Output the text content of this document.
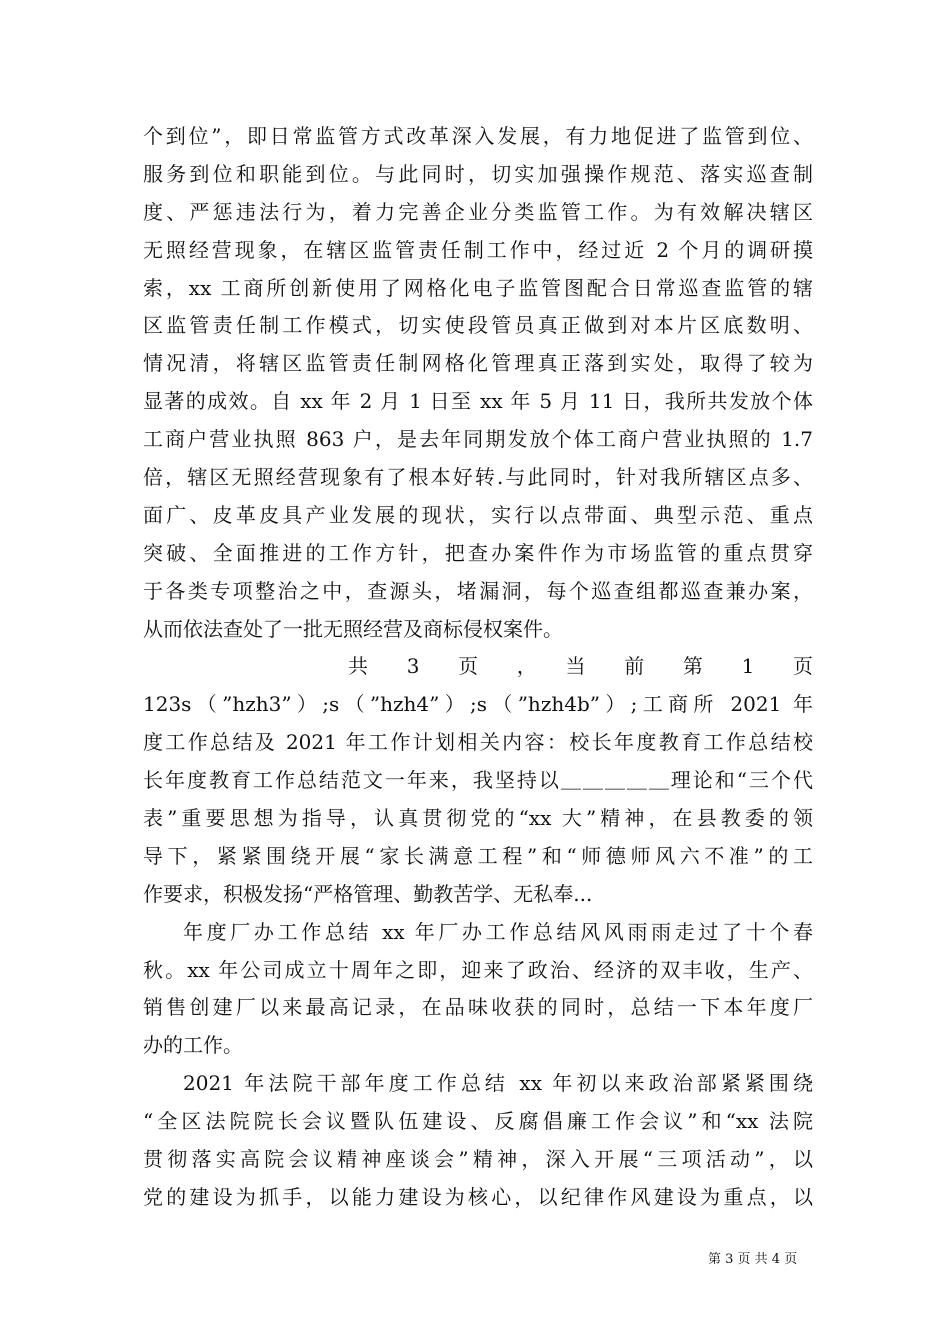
个到位”，即日常监管方式改革深入发展，有力地促进了监管到位、
服务到位和职能到位。与此同时，切实加强操作规范、落实巡查制
度、严惩违法行为，着力完善企业分类监管工作。为有效解决辖区
无照经营现象，在辖区监管责任制工作中，经过近 2 个月的调研摸
索，xx 工商所创新使用了网格化电子监管图配合日常巡查监管的辖
区监管责任制工作模式，切实使段管员真正做到对本片区底数明、
情况清，将辖区监管责任制网格化管理真正落到实处，取得了较为
显著的成效。自 xx 年 2 月 1 日至 xx 年 5 月 11 日，我所共发放个体
工商户营业执照 863 户，是去年同期发放个体工商户营业执照的 1.7
倍，辖区无照经营现象有了根本好转.与此同时，针对我所辖区点多、
面广、皮革皮具产业发展的现状，实行以点带面、典型示范、重点
突破、全面推进的工作方针，把查办案件作为市场监管的重点贯穿
于各类专项整治之中，查源头，堵漏洞，每个巡查组都巡查兼办案，
从而依法查处了一批无照经营及商标侵权案件。
共　3　页　，　当　前　第　1　页
123s（”hzh3”）;s（”hzh4”）;s（”hzh4b”）;工商所 2021 年
度工作总结及 2021 年工作计划相关内容：校长年度教育工作总结校
长年度教育工作总结范文一年来，我坚持以＿＿＿＿＿理论和“三个代
表”重要思想为指导，认真贯彻党的“xx 大”精神，在县教委的领
导下，紧紧围绕开展“家长满意工程”和“师德师风六不准”的工
作要求，积极发扬“严格管理、勤教苦学、无私奉...
年度厂办工作总结 xx 年厂办工作总结风风雨雨走过了十个春
秋。xx 年公司成立十周年之即，迎来了政治、经济的双丰收，生产、
销售创建厂以来最高记录，在品味收获的同时，总结一下本年度厂
办的工作。
2021 年法院干部年度工作总结 xx 年初以来政治部紧紧围绕
“全区法院院长会议暨队伍建设、反腐倡廉工作会议”和“xx 法院
贯彻落实高院会议精神座谈会”精神，深入开展“三项活动”，以
党的建设为抓手，以能力建设为核心，以纪律作风建设为重点，以
第 3 页 共 4 页
